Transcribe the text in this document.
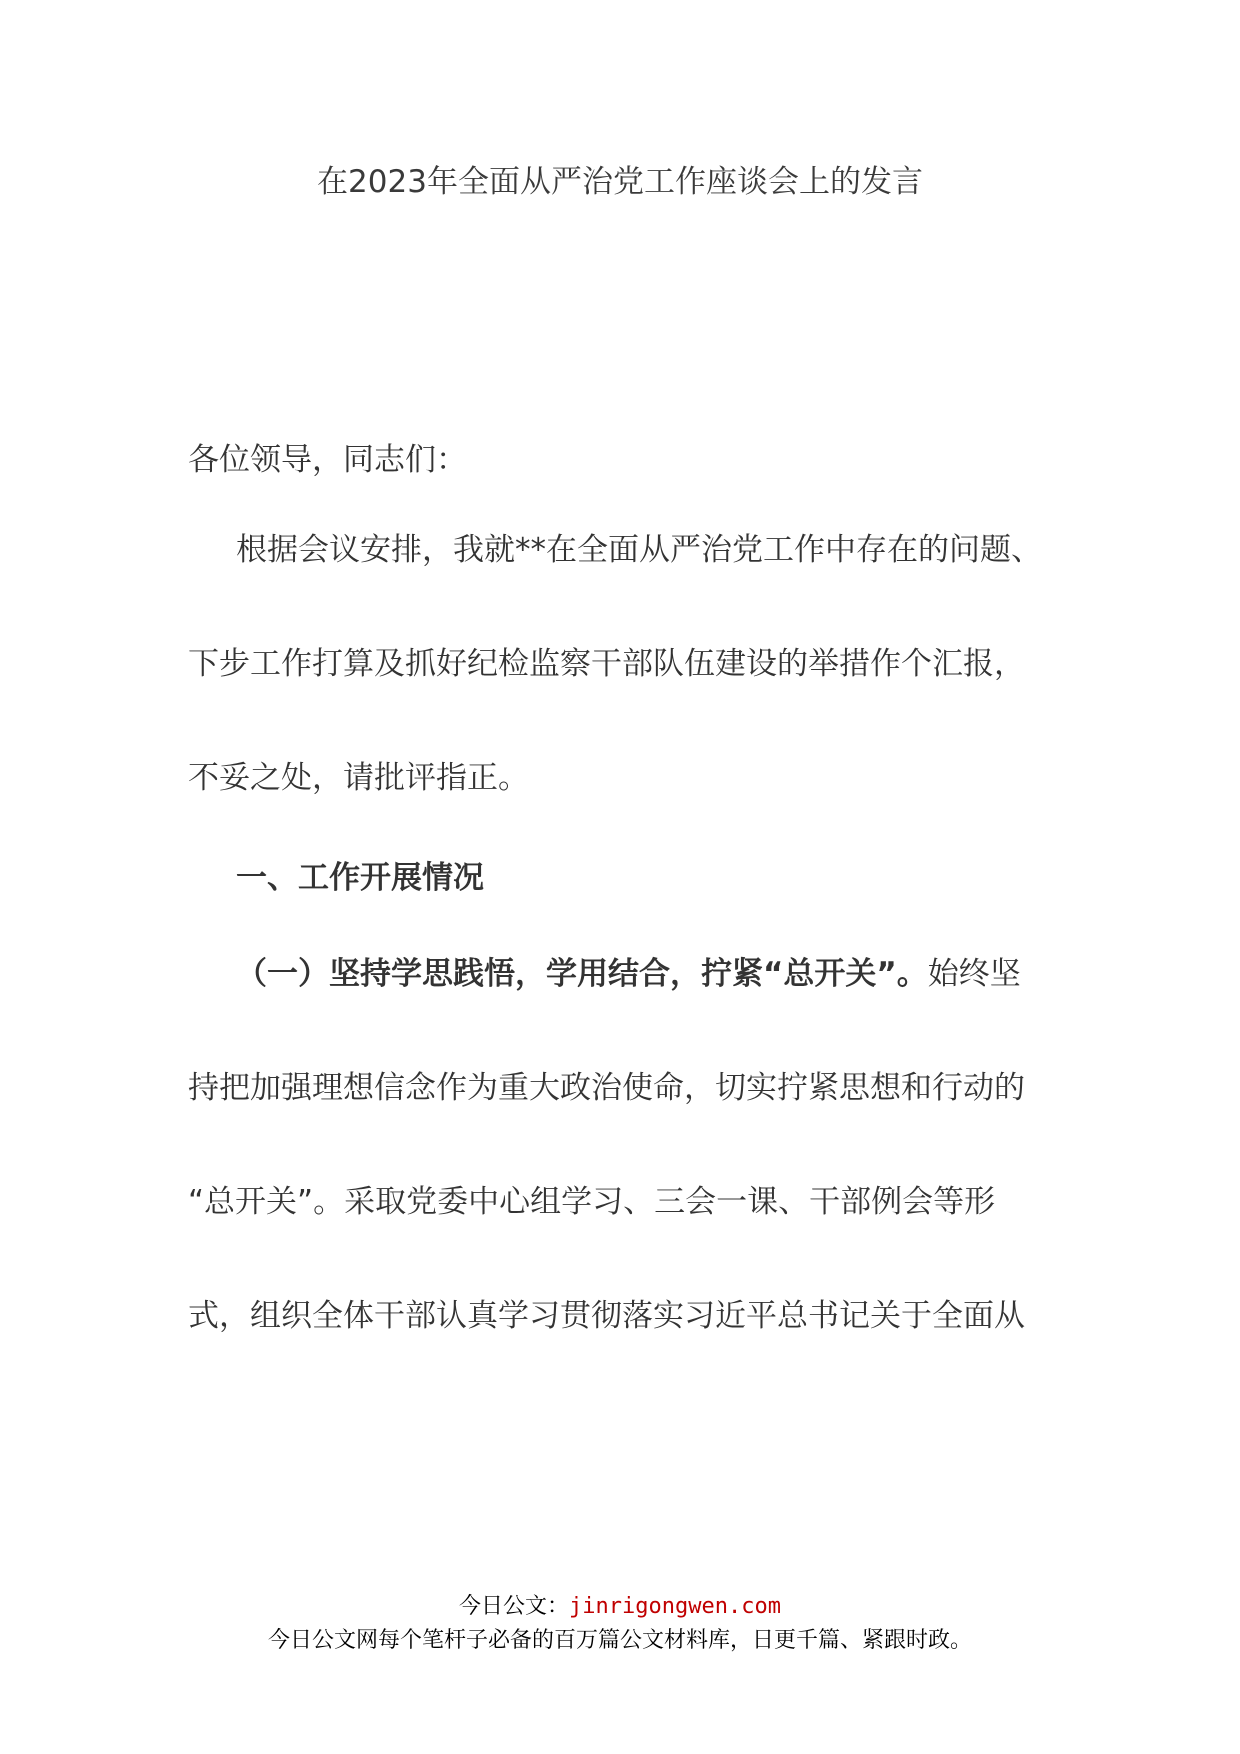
在2023年全面从严治党工作座谈会上的发言
各位领导，同志们：
根据会议安排，我就**在全面从严治党工作中存在的问题、
下步工作打算及抓好纪检监察干部队伍建设的举措作个汇报，
不妥之处，请批评指正。
一、工作开展情况
（一）坚持学思践悟，学用结合，拧紧“总开关”。始终坚
持把加强理想信念作为重大政治使命，切实拧紧思想和行动的
“总开关”。采取党委中心组学习、三会一课、干部例会等形
式，组织全体干部认真学习贯彻落实习近平总书记关于全面从
今日公文：jinrigongwen.com
今日公文网每个笔杆子必备的百万篇公文材料库，日更千篇、紧跟时政。
